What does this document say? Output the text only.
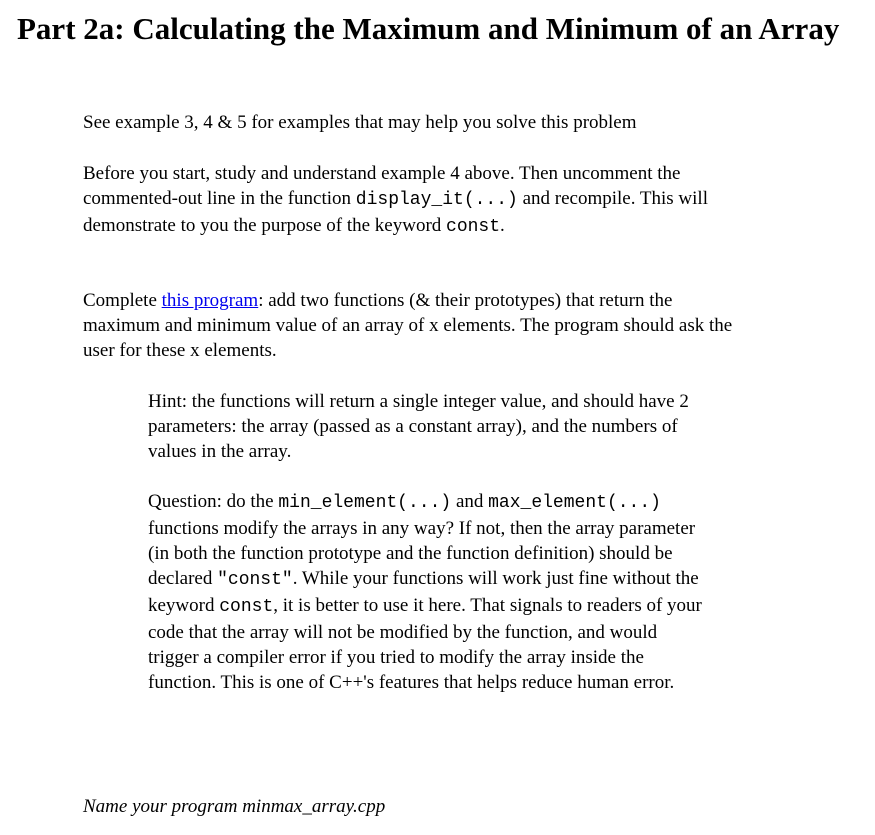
Part 2a: Calculating the Maximum and Minimum of an Array

See example 3, 4 & 5 for examples that may help you solve this problem

Before you start, study and understand example 4 above. Then uncomment the commented-out line in the function display_it(...) and recompile. This will demonstrate to you the purpose of the keyword const.

Complete this program: add two functions (& their prototypes) that return the maximum and minimum value of an array of x elements. The program should ask the user for these x elements.

Hint: the functions will return a single integer value, and should have 2 parameters: the array (passed as a constant array), and the numbers of values in the array.

Question: do the min_element(...) and max_element(...) functions modify the arrays in any way? If not, then the array parameter (in both the function prototype and the function definition) should be declared "const". While your functions will work just fine without the keyword const, it is better to use it here. That signals to readers of your code that the array will not be modified by the function, and would trigger a compiler error if you tried to modify the array inside the function. This is one of C++'s features that helps reduce human error.

Name your program minmax_array.cpp
